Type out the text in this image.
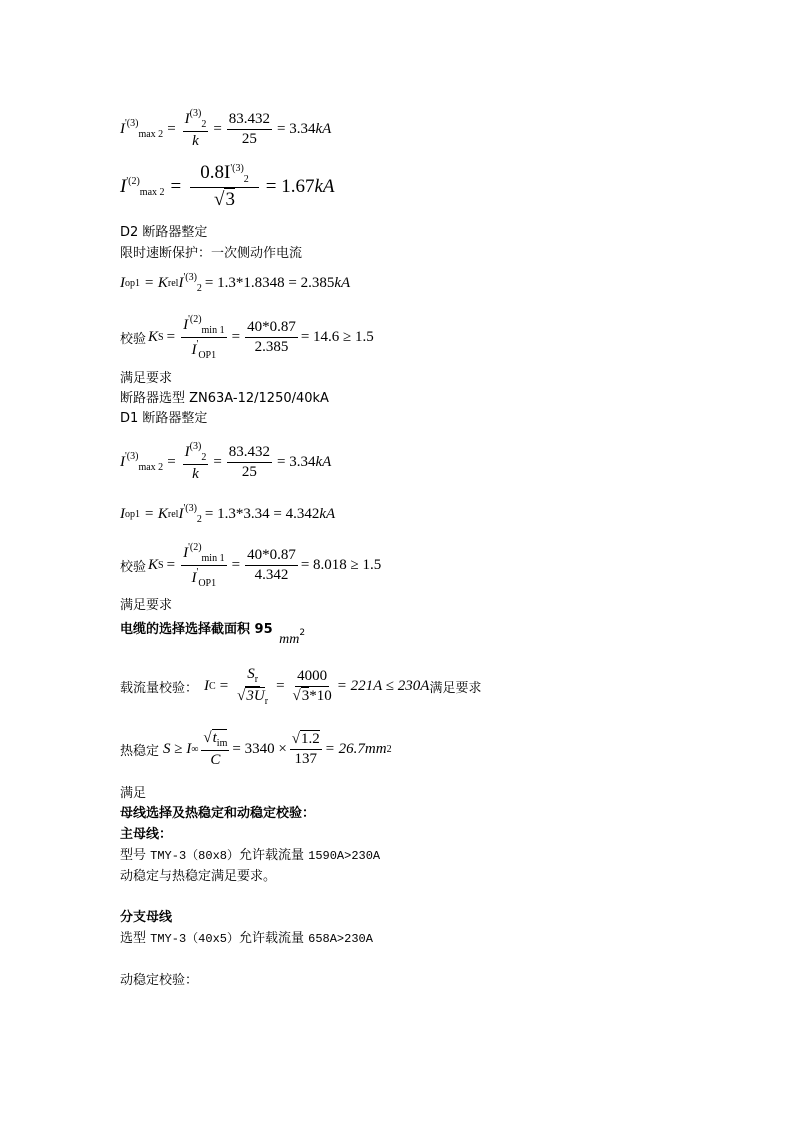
I $^{'(3)}_{max 2} = \frac{I^{(3)}_2}{k} = \frac{83.432}{25} = 3.34$ kA
I $^{'(2)}_{max 2} = \frac{0.8I^{'(3)}_2}{√3} = 1.67$ kA
D2 断路器整定
限时速断保护：一次侧动作电流
I op1 = K rel I $^{'(3)}_2$ = 1.3*1.8348 = 2.385 kA
校验 K $S = \frac{I^{'(2)}_{min 1}}{I'_{OP1}} = \frac{40*0.87}{2.385} = 14.6 \ge 1.5$
满足要求
断路器选型 ZN63A-12/1250/40kA
D1 断路器整定
I $^{'(3)}_{max 2} = \frac{I^{(3)}_2}{k} = \frac{83.432}{25} = 3.34$ kA
I op1 = K rel I $^{'(3)}_2$ = 1.3*3.34 = 4.342 kA
校验 K $S = \frac{I^{'(2)}_{min 1}}{I'_{OP1}} = \frac{40*0.87}{4.342} = 8.018 \ge 1.5$
满足要求
电缆的选择选择截面积 95 mm2
载流量校验： I $C = \frac{S_r}{√3U_r} = \frac{4000}{√3*10} = 221A \le 230A$ 满足要求
热稳定 S ≥ I ∞ $\frac{√t_{im}}{C} = 3340 \times \frac{√1.2}{137} = 26.7mm$ 2
满足
母线选择及热稳定和动稳定校验：
主母线：
型号 TMY-3（80x8）允许载流量 1590A>230A
动稳定与热稳定满足要求。
分支母线
选型 TMY-3（40x5）允许载流量 658A>230A
动稳定校验：
